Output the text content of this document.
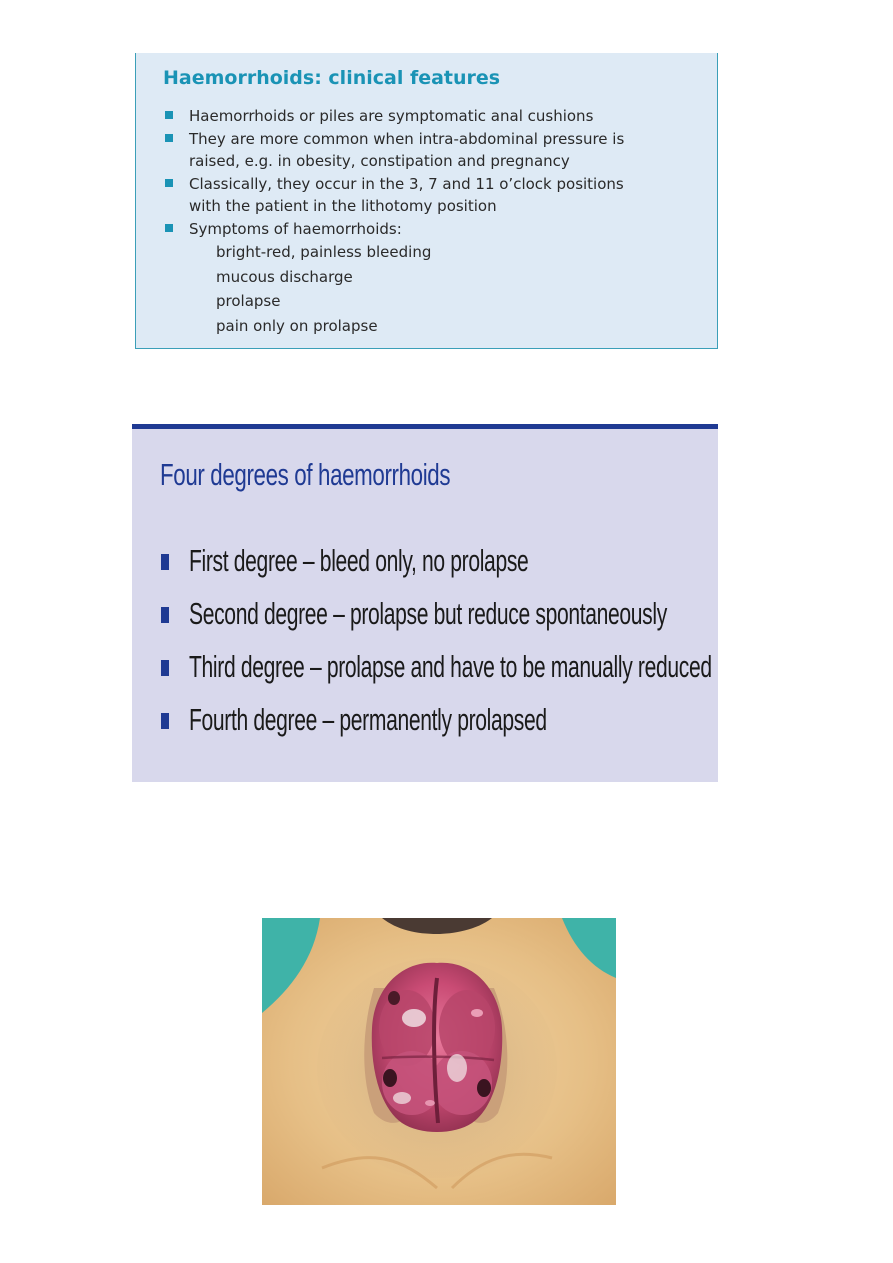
Haemorrhoids: clinical features
Haemorrhoids or piles are symptomatic anal cushions
They are more common when intra-abdominal pressure is
raised, e.g. in obesity, constipation and pregnancy
Classically, they occur in the 3, 7 and 11 o’clock positions
with the patient in the lithotomy position
Symptoms of haemorrhoids:
bright-red, painless bleeding
mucous discharge
prolapse
pain only on prolapse
Four degrees of haemorrhoids
First degree – bleed only, no prolapse
Second degree – prolapse but reduce spontaneously
Third degree – prolapse and have to be manually reduced
Fourth degree – permanently prolapsed
